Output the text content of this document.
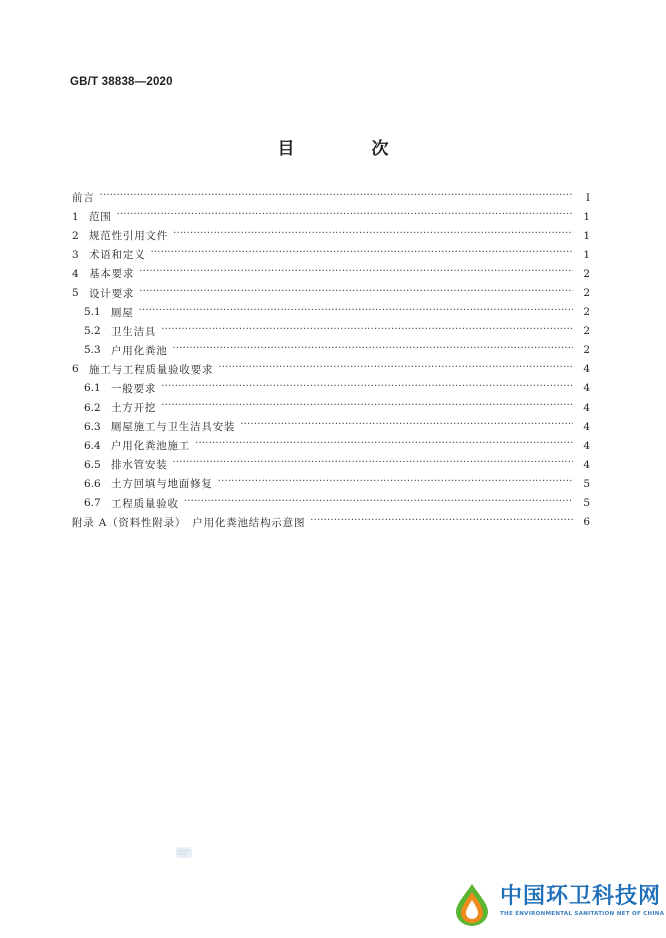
GB/T 38838—2020
目　次
前言 ·····	Ⅰ
1 范围 ·····	1
2 规范性引用文件 ·····	1
3 术语和定义 ·····	1
4 基本要求 ·····	2
5 设计要求 ·····	2
5.1 厕屋 ·····	2
5.2 卫生洁具 ·····	2
5.3 户用化粪池 ·····	2
6 施工与工程质量验收要求 ·····	4
6.1 一般要求 ·····	4
6.2 土方开挖 ·····	4
6.3 厕屋施工与卫生洁具安装 ·····	4
6.4 户用化粪池施工 ·····	4
6.5 排水管安装 ·····	4
6.6 土方回填与地面修复 ·····	5
6.7 工程质量验收 ·····	5
附录 A（资料性附录）　户用化粪池结构示意图 ·····	6
中国环卫科技网
THE ENVIRONMENTAL SANITATION NET OF CHINA
